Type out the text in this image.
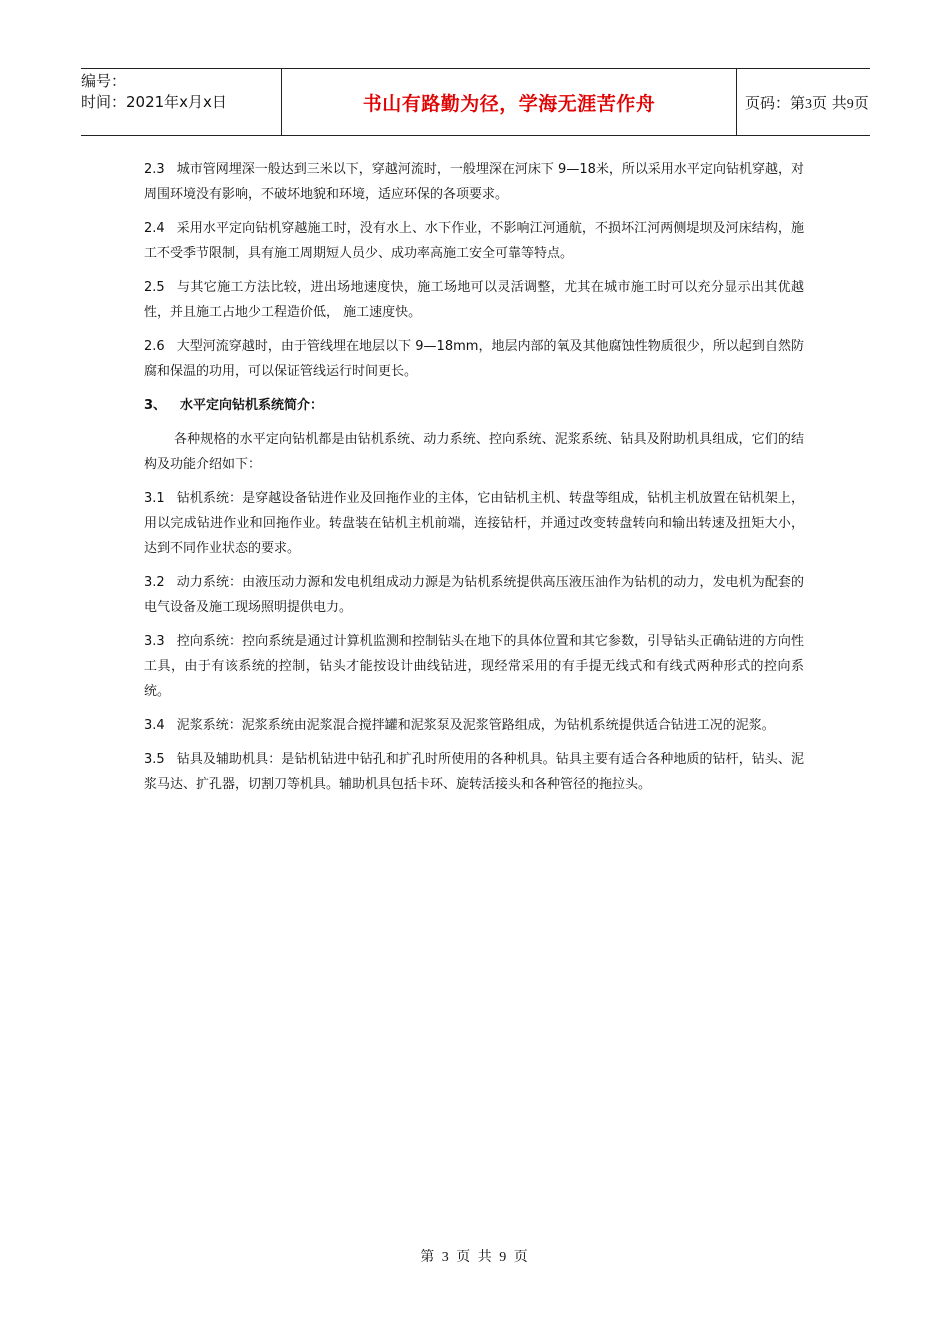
编号：
时间：2021年x月x日	书山有路勤为径，学海无涯苦作舟	页码：第3页 共9页

2.3 城市管网埋深一般达到三米以下，穿越河流时，一般埋深在河床下 9—18米，所以采用水平定向钻机穿越，对周围环境没有影响，不破坏地貌和环境，适应环保的各项要求。

2.4 采用水平定向钻机穿越施工时，没有水上、水下作业，不影响江河通航，不损坏江河两侧堤坝及河床结构，施工不受季节限制，具有施工周期短人员少、成功率高施工安全可靠等特点。

2.5 与其它施工方法比较，进出场地速度快，施工场地可以灵活调整，尤其在城市施工时可以充分显示出其优越性，并且施工占地少工程造价低， 施工速度快。

2.6 大型河流穿越时，由于管线埋在地层以下 9—18mm，地层内部的氧及其他腐蚀性物质很少，所以起到自然防腐和保温的功用，可以保证管线运行时间更长。

3、 水平定向钻机系统简介：

各种规格的水平定向钻机都是由钻机系统、动力系统、控向系统、泥浆系统、钻具及附助机具组成，它们的结构及功能介绍如下：

3.1 钻机系统：是穿越设备钻进作业及回拖作业的主体，它由钻机主机、转盘等组成，钻机主机放置在钻机架上，用以完成钻进作业和回拖作业。转盘装在钻机主机前端，连接钻杆，并通过改变转盘转向和输出转速及扭矩大小，达到不同作业状态的要求。

3.2 动力系统：由液压动力源和发电机组成动力源是为钻机系统提供高压液压油作为钻机的动力，发电机为配套的电气设备及施工现场照明提供电力。

3.3 控向系统：控向系统是通过计算机监测和控制钻头在地下的具体位置和其它参数，引导钻头正确钻进的方向性工具，由于有该系统的控制，钻头才能按设计曲线钻进，现经常采用的有手提无线式和有线式两种形式的控向系统。

3.4 泥浆系统：泥浆系统由泥浆混合搅拌罐和泥浆泵及泥浆管路组成，为钻机系统提供适合钻进工况的泥浆。

3.5 钻具及辅助机具：是钻机钻进中钻孔和扩孔时所使用的各种机具。钻具主要有适合各种地质的钻杆，钻头、泥浆马达、扩孔器，切割刀等机具。辅助机具包括卡环、旋转活接头和各种管径的拖拉头。

第 3 页 共 9 页
